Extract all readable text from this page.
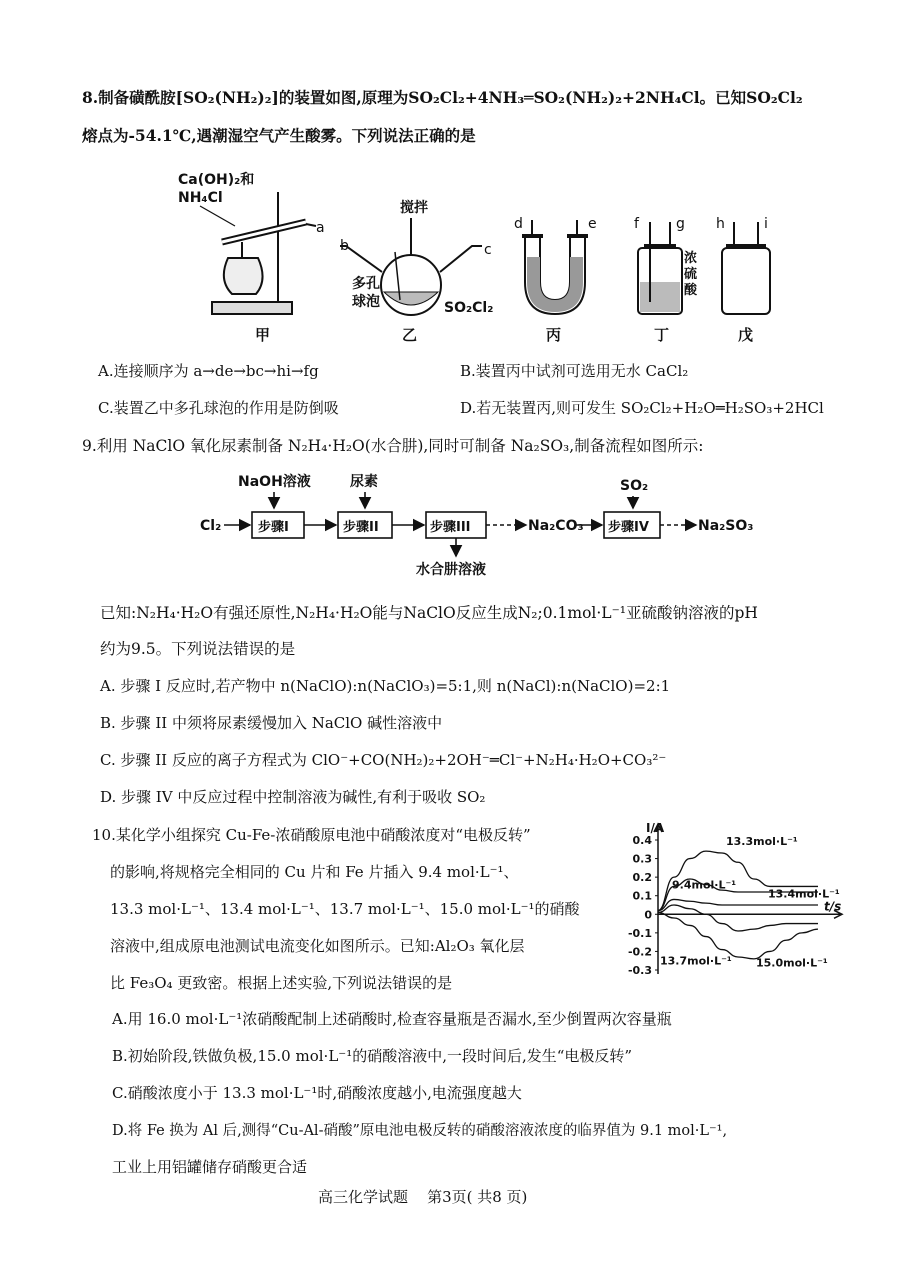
8.制备磺酰胺[SO₂(NH₂)₂]的装置如图,原理为SO₂Cl₂+4NH₃═SO₂(NH₂)₂+2NH₄Cl。已知SO₂Cl₂
熔点为-54.1℃,遇潮湿空气产生酸雾。下列说法正确的是
Ca(OH)₂和
NH₄Cl
a
甲
搅拌
b	c
多孔
球泡	SO₂Cl₂
乙
d	e
丙
f	g
浓
硫
酸
丁
h	i
戊
A.连接顺序为 a→de→bc→hi→fg	B.装置丙中试剂可选用无水 CaCl₂
C.装置乙中多孔球泡的作用是防倒吸	D.若无装置丙,则可发生 SO₂Cl₂+H₂O═H₂SO₃+2HCl
9.利用 NaClO 氧化尿素制备 N₂H₄·H₂O(水合肼),同时可制备 Na₂SO₃,制备流程如图所示:
NaOH溶液	尿素	SO₂
Cl₂	Na₂CO₃	Na₂SO₃
水合肼溶液
步骤I	步骤II	步骤III	步骤IV
已知:N₂H₄·H₂O有强还原性,N₂H₄·H₂O能与NaClO反应生成N₂;0.1mol·L⁻¹亚硫酸钠溶液的pH
约为9.5。下列说法错误的是
A. 步骤 I 反应时,若产物中 n(NaClO):n(NaClO₃)=5:1,则 n(NaCl):n(NaClO)=2:1
B. 步骤 II 中须将尿素缓慢加入 NaClO 碱性溶液中
C. 步骤 II 反应的离子方程式为 ClO⁻+CO(NH₂)₂+2OH⁻═Cl⁻+N₂H₄·H₂O+CO₃²⁻
D. 步骤 IV 中反应过程中控制溶液为碱性,有利于吸收 SO₂
10.某化学小组探究 Cu-Fe-浓硝酸原电池中硝酸浓度对“电极反转”
的影响,将规格完全相同的 Cu 片和 Fe 片插入 9.4 mol·L⁻¹、
13.3 mol·L⁻¹、13.4 mol·L⁻¹、13.7 mol·L⁻¹、15.0 mol·L⁻¹的硝酸
溶液中,组成原电池测试电流变化如图所示。已知:Al₂O₃ 氧化层
比 Fe₃O₄ 更致密。根据上述实验,下列说法错误的是
I/A
t/s
0.4
0.3
0.2
0.1
0
-0.1
-0.2
-0.3
13.3mol·L⁻¹
9.4mol·L⁻¹
13.4mol·L⁻¹
13.7mol·L⁻¹ 15.0mol·L⁻¹
A.用 16.0 mol·L⁻¹浓硝酸配制上述硝酸时,检查容量瓶是否漏水,至少倒置两次容量瓶
B.初始阶段,铁做负极,15.0 mol·L⁻¹的硝酸溶液中,一段时间后,发生“电极反转”
C.硝酸浓度小于 13.3 mol·L⁻¹时,硝酸浓度越小,电流强度越大
D.将 Fe 换为 Al 后,测得“Cu-Al-硝酸”原电池电极反转的硝酸溶液浓度的临界值为 9.1 mol·L⁻¹,
工业上用铝罐储存硝酸更合适
高三化学试题    第3页( 共8 页)
